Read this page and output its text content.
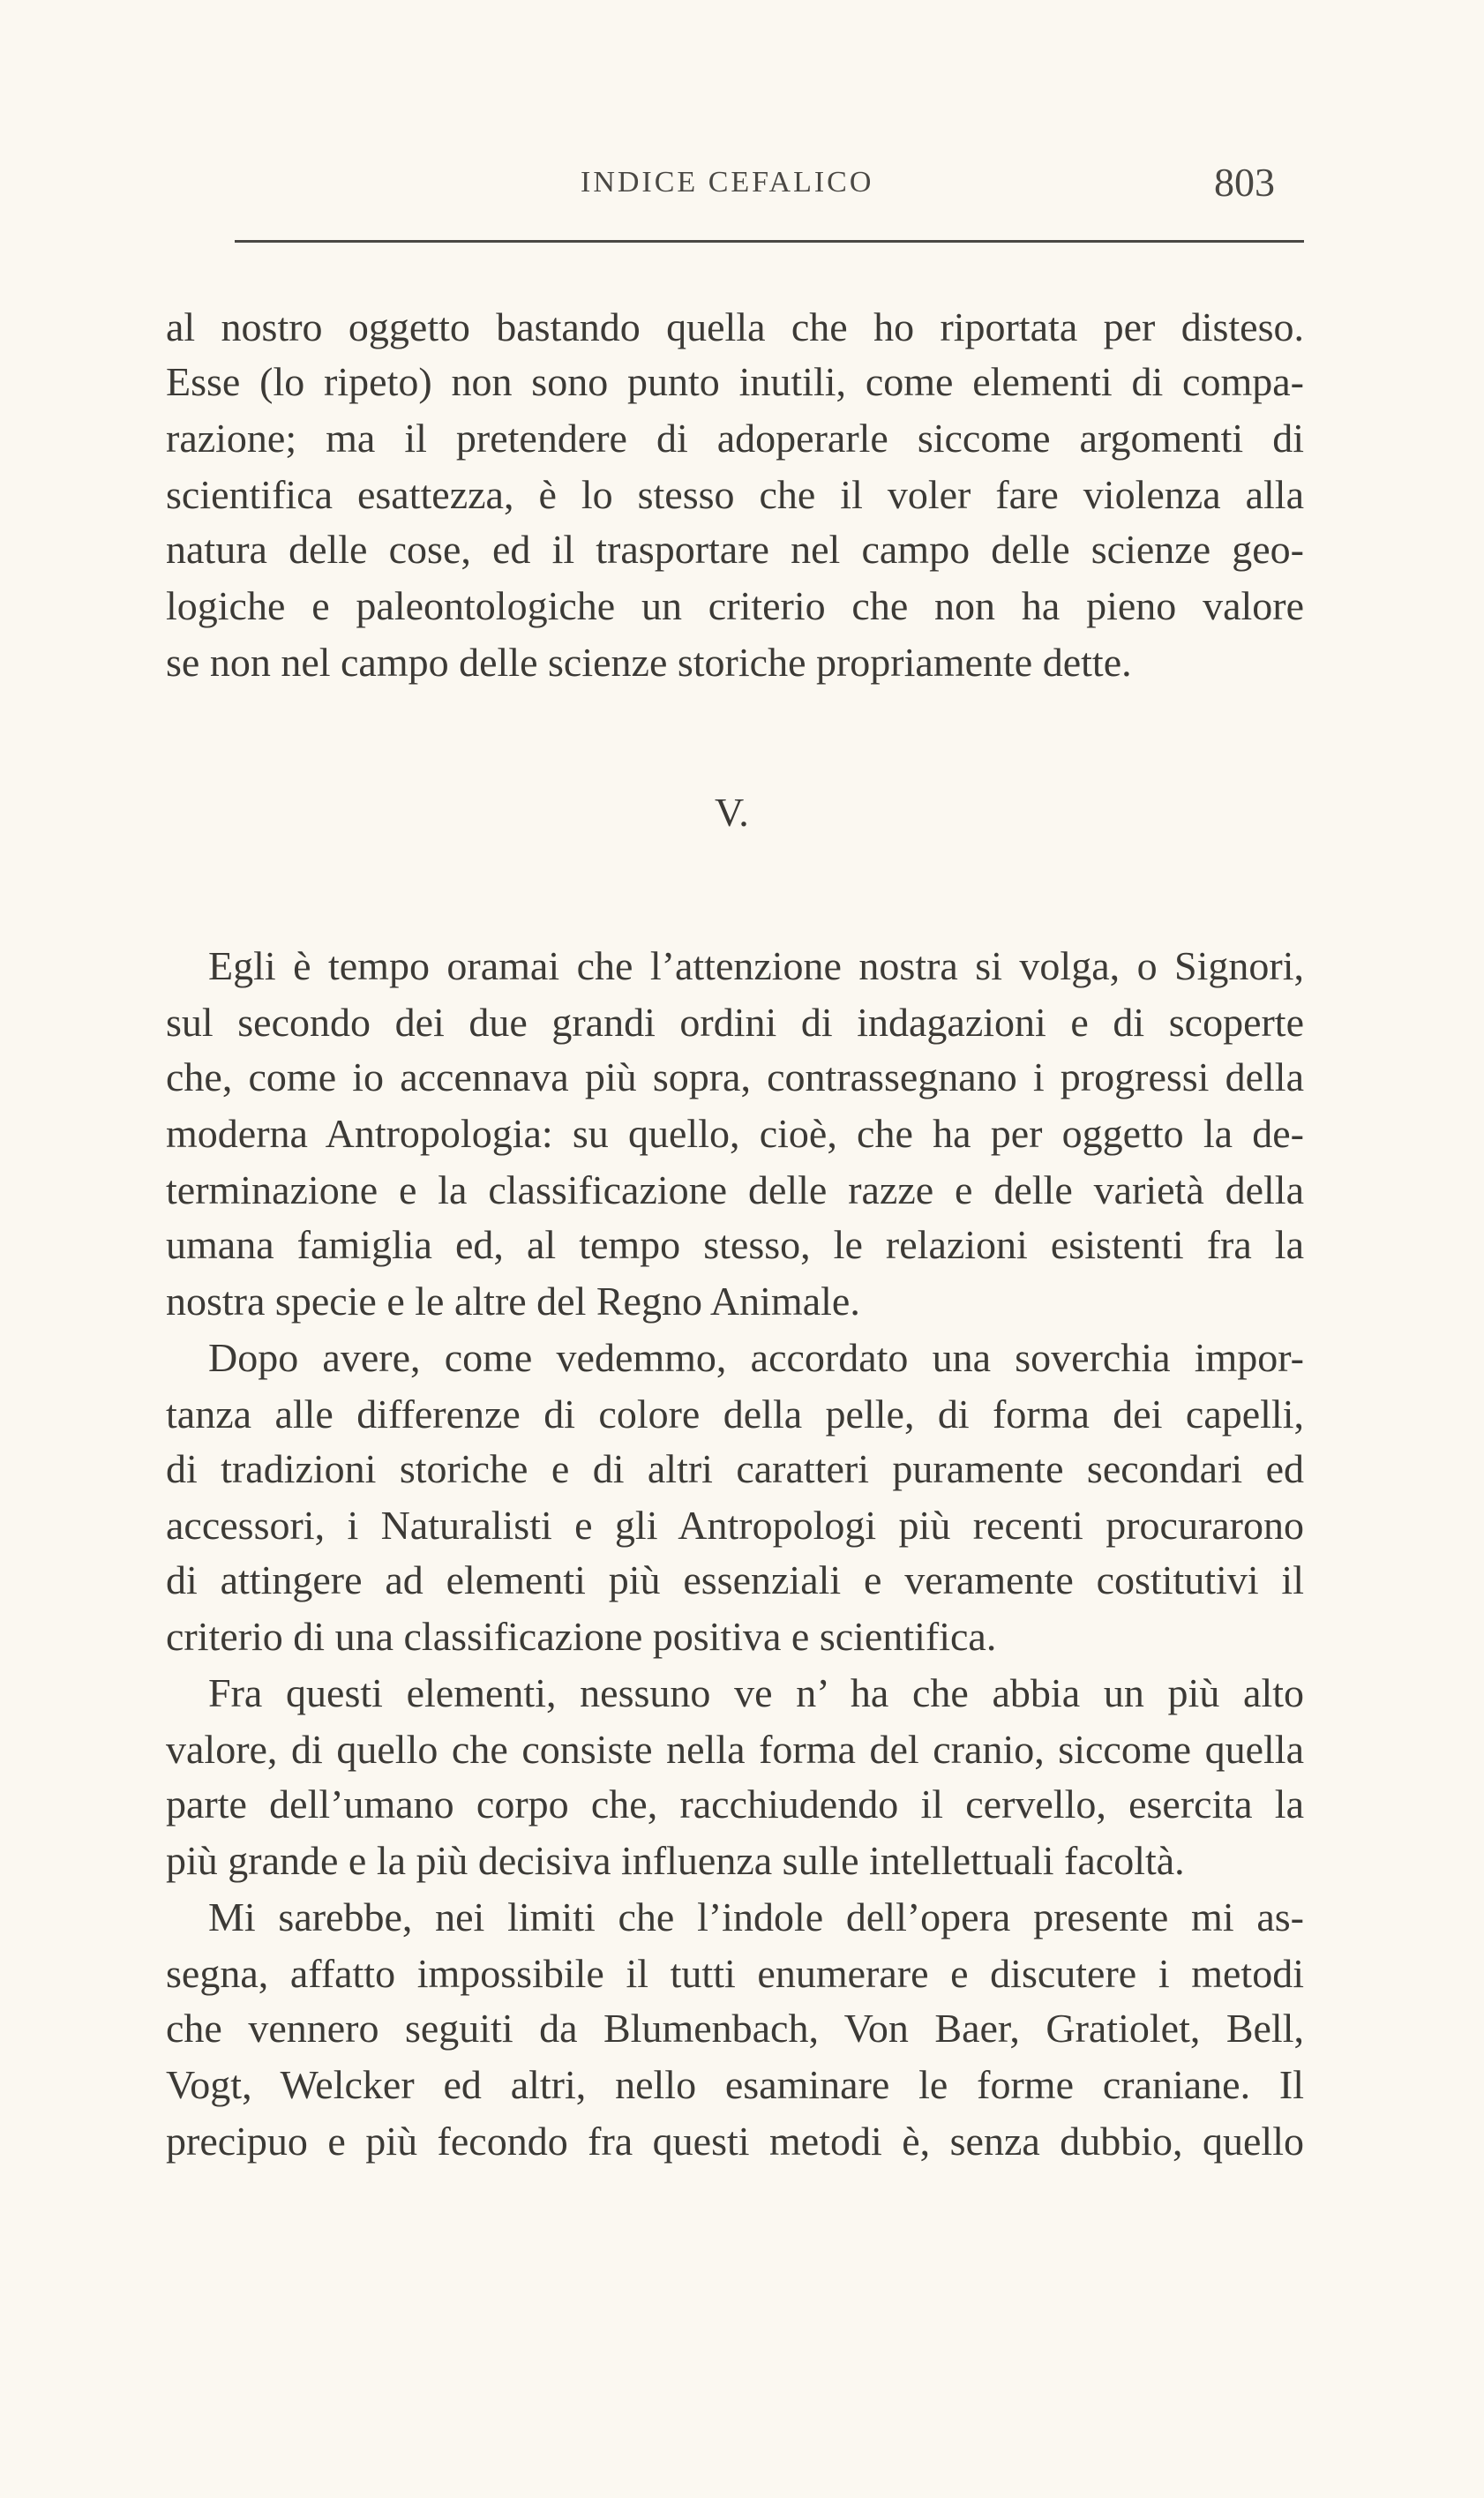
INDICE CEFALICO	803
al nostro oggetto bastando quella che ho riportata per disteso.
Esse (lo ripeto) non sono punto inutili, come elementi di compa-
razione; ma il pretendere di adoperarle siccome argomenti di
scientifica esattezza, è lo stesso che il voler fare violenza alla
natura delle cose, ed il trasportare nel campo delle scienze geo-
logiche e paleontologiche un criterio che non ha pieno valore
se non nel campo delle scienze storiche propriamente dette.
V.
Egli è tempo oramai che l’attenzione nostra si volga, o Signori,
sul secondo dei due grandi ordini di indagazioni e di scoperte
che, come io accennava più sopra, contrassegnano i progressi della
moderna Antropologia: su quello, cioè, che ha per oggetto la de-
terminazione e la classificazione delle razze e delle varietà della
umana famiglia ed, al tempo stesso, le relazioni esistenti fra la
nostra specie e le altre del Regno Animale.
Dopo avere, come vedemmo, accordato una soverchia impor-
tanza alle differenze di colore della pelle, di forma dei capelli,
di tradizioni storiche e di altri caratteri puramente secondari ed
accessori, i Naturalisti e gli Antropologi più recenti procurarono
di attingere ad elementi più essenziali e veramente costitutivi il
criterio di una classificazione positiva e scientifica.
Fra questi elementi, nessuno ve n’ ha che abbia un più alto
valore, di quello che consiste nella forma del cranio, siccome quella
parte dell’umano corpo che, racchiudendo il cervello, esercita la
più grande e la più decisiva influenza sulle intellettuali facoltà.
Mi sarebbe, nei limiti che l’indole dell’opera presente mi as-
segna, affatto impossibile il tutti enumerare e discutere i metodi
che vennero seguiti da Blumenbach, Von Baer, Gratiolet, Bell,
Vogt, Welcker ed altri, nello esaminare le forme craniane. Il
precipuo e più fecondo fra questi metodi è, senza dubbio, quello
